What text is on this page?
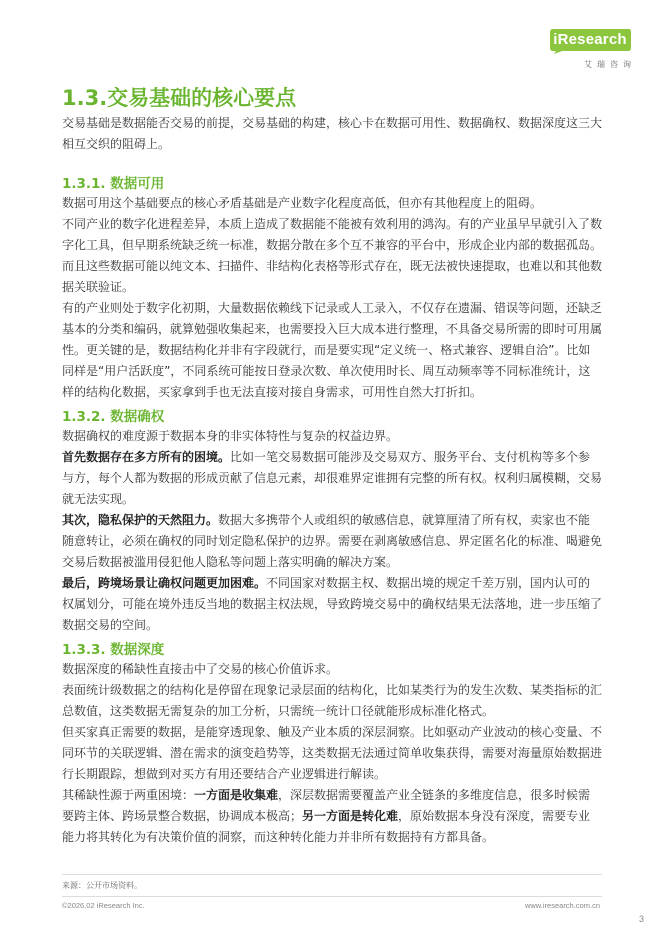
iResearch
艾瑞咨询
1.3.交易基础的核心要点
交易基础是数据能否交易的前提，交易基础的构建，核心卡在数据可用性、数据确权、数据深度这三大相互交织的阻碍上。
1.3.1. 数据可用
数据可用这个基础要点的核心矛盾基础是产业数字化程度高低，但亦有其他程度上的阻碍。
不同产业的数字化进程差异，本质上造成了数据能不能被有效利用的鸿沟。有的产业虽早早就引入了数字化工具，但早期系统缺乏统一标准，数据分散在多个互不兼容的平台中，形成企业内部的数据孤岛。而且这些数据可能以纯文本、扫描件、非结构化表格等形式存在，既无法被快速提取，也难以和其他数据关联验证。
有的产业则处于数字化初期，大量数据依赖线下记录或人工录入，不仅存在遗漏、错误等问题，还缺乏基本的分类和编码，就算勉强收集起来，也需要投入巨大成本进行整理，不具备交易所需的即时可用属性。更关键的是，数据结构化并非有字段就行，而是要实现“定义统一、格式兼容、逻辑自洽”。比如同样是“用户活跃度”，不同系统可能按日登录次数、单次使用时长、周互动频率等不同标准统计，这样的结构化数据，买家拿到手也无法直接对接自身需求，可用性自然大打折扣。
1.3.2. 数据确权
数据确权的难度源于数据本身的非实体特性与复杂的权益边界。
首先数据存在多方所有的困境。比如一笔交易数据可能涉及交易双方、服务平台、支付机构等多个参与方，每个人都为数据的形成贡献了信息元素，却很难界定谁拥有完整的所有权。权利归属模糊，交易就无法实现。
其次，隐私保护的天然阻力。数据大多携带个人或组织的敏感信息，就算厘清了所有权，卖家也不能随意转让，必须在确权的同时划定隐私保护的边界。需要在剥离敏感信息、界定匿名化的标准、喝避免交易后数据被滥用侵犯他人隐私等问题上落实明确的解决方案。
最后，跨境场景让确权问题更加困难。不同国家对数据主权、数据出境的规定千差万别，国内认可的权属划分，可能在境外违反当地的数据主权法规，导致跨境交易中的确权结果无法落地，进一步压缩了数据交易的空间。
1.3.3. 数据深度
数据深度的稀缺性直接击中了交易的核心价值诉求。
表面统计级数据之的结构化是停留在现象记录层面的结构化，比如某类行为的发生次数、某类指标的汇总数值，这类数据无需复杂的加工分析，只需统一统计口径就能形成标准化格式。
但买家真正需要的数据，是能穿透现象、触及产业本质的深层洞察。比如驱动产业波动的核心变量、不同环节的关联逻辑、潜在需求的演变趋势等，这类数据无法通过简单收集获得，需要对海量原始数据进行长期跟踪，想做到对买方有用还要结合产业逻辑进行解读。
其稀缺性源于两重困境：一方面是收集难，深层数据需要覆盖产业全链条的多维度信息，很多时候需要跨主体、跨场景整合数据，协调成本极高；另一方面是转化难，原始数据本身没有深度，需要专业能力将其转化为有决策价值的洞察，而这种转化能力并非所有数据持有方都具备。
来源：公开市场资料。
©2026.02 iResearch Inc.	www.iresearch.com.cn
3
